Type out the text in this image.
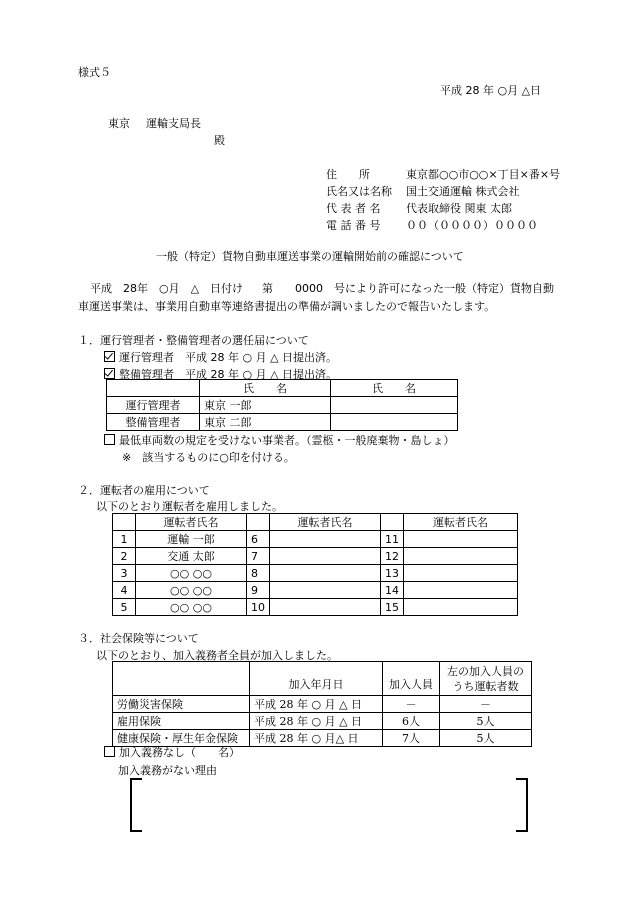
様式５
平成 28 年 ○月 △日
東京 運輸支局長
殿
住　　所	東京都○○市○○×丁目×番×号
氏名又は名称 国土交通運輸 株式会社
代 表 者 名 代表取締役 関東 太郎
電 話 番 号 ００（００００）００００
一般（特定）貨物自動車運送事業の運輸開始前の確認について
平成　28年　○月　△　日付け 第　　0000　号により許可になった一般（特定）貨物自動
車運送事業は、事業用自動車等連絡書提出の準備が調いましたので報告いたします。
１．運行管理者・整備管理者の選任届について
運行管理者　平成 28 年 ○ 月 △ 日提出済。
整備管理者　平成 28 年 ○ 月 △ 日提出済。
	氏　　名	氏　　名
運行管理者	東京 一郎	
整備管理者	東京 二郎	
最低車両数の規定を受けない事業者。（霊柩・一般廃棄物・島しょ）
※　該当するものに○印を付ける。
２．運転者の雇用について
以下のとおり運転者を雇用しました。
	運転者氏名		運転者氏名		運転者氏名
1	運輸 一郎	6		11	
2	交通 太郎	7		12	
3	○○ ○○	8		13	
4	○○ ○○	9		14	
5	○○ ○○	10		15	
３．社会保険等について
以下のとおり、加入義務者全員が加入しました。
	加入年月日	加入人員	左の加入人員の
うち運転者数

労働災害保険	平成 28 年 ○ 月 △ 日	－	－
雇用保険	平成 28 年 ○ 月 △ 日	6人	5人
健康保険・厚生年金保険	平成 28 年 ○ 月△ 日	7人	5人
加入義務なし（　　名）
加入義務がない理由
